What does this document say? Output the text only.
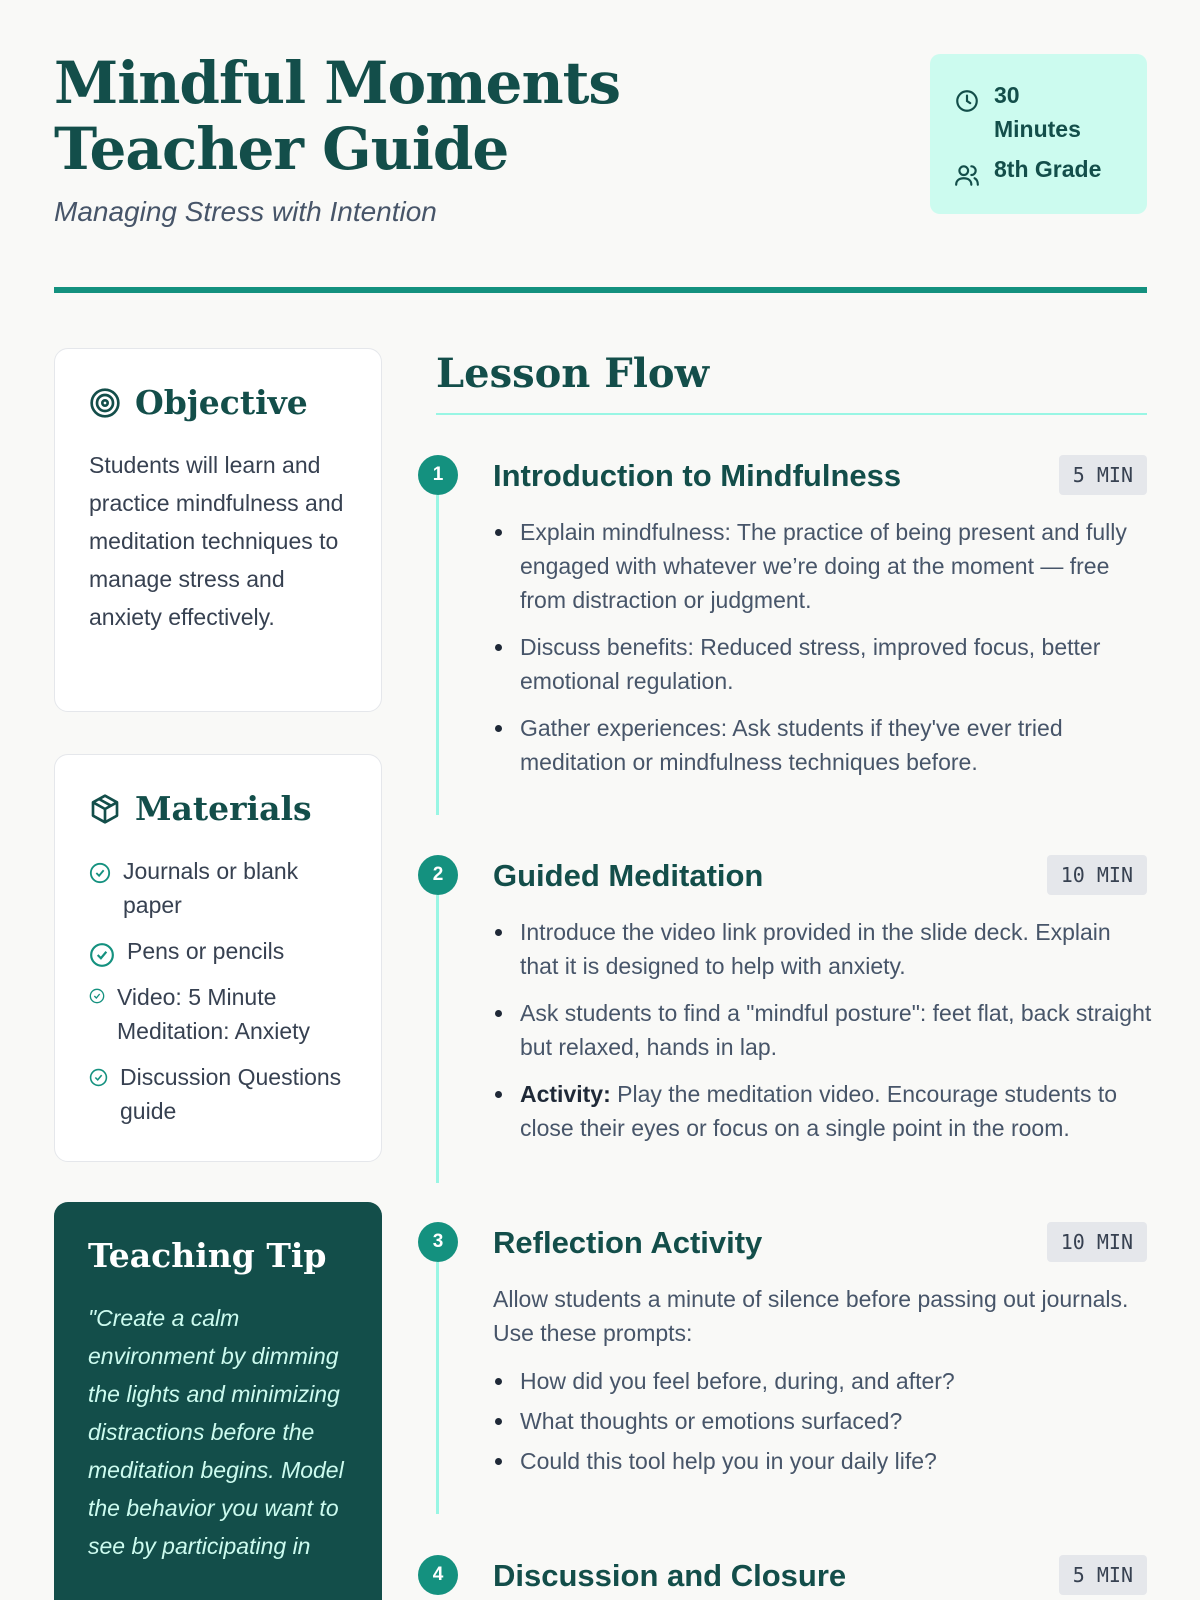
Mindful Moments Teacher Guide
Managing Stress with Intention
30 Minutes
8th Grade
Objective

Students will learn and practice mindfulness and meditation techniques to manage stress and anxiety effectively.

Materials
Journals or blank paper
Pens or pencils
Video: 5 Minute Meditation: Anxiety
Discussion Questions guide
Teaching Tip

"Create a calm environment by dimming the lights and minimizing distractions before the meditation begins. Model the behavior you want to see by participating in

Lesson Flow
1	Introduction to Mindfulness	5 MIN
Explain mindfulness: The practice of being present and fully engaged with whatever we’re doing at the moment — free from distraction or judgment.
Discuss benefits: Reduced stress, improved focus, better emotional regulation.
Gather experiences: Ask students if they've ever tried meditation or mindfulness techniques before.
2	Guided Meditation	10 MIN
Introduce the video link provided in the slide deck. Explain that it is designed to help with anxiety.
Ask students to find a "mindful posture": feet flat, back straight but relaxed, hands in lap.
Activity: Play the meditation video. Encourage students to close their eyes or focus on a single point in the room.
3	Reflection Activity	10 MIN

Allow students a minute of silence before passing out journals. Use these prompts:

How did you feel before, during, and after?
What thoughts or emotions surfaced?
Could this tool help you in your daily life?
4	Discussion and Closure	5 MIN
